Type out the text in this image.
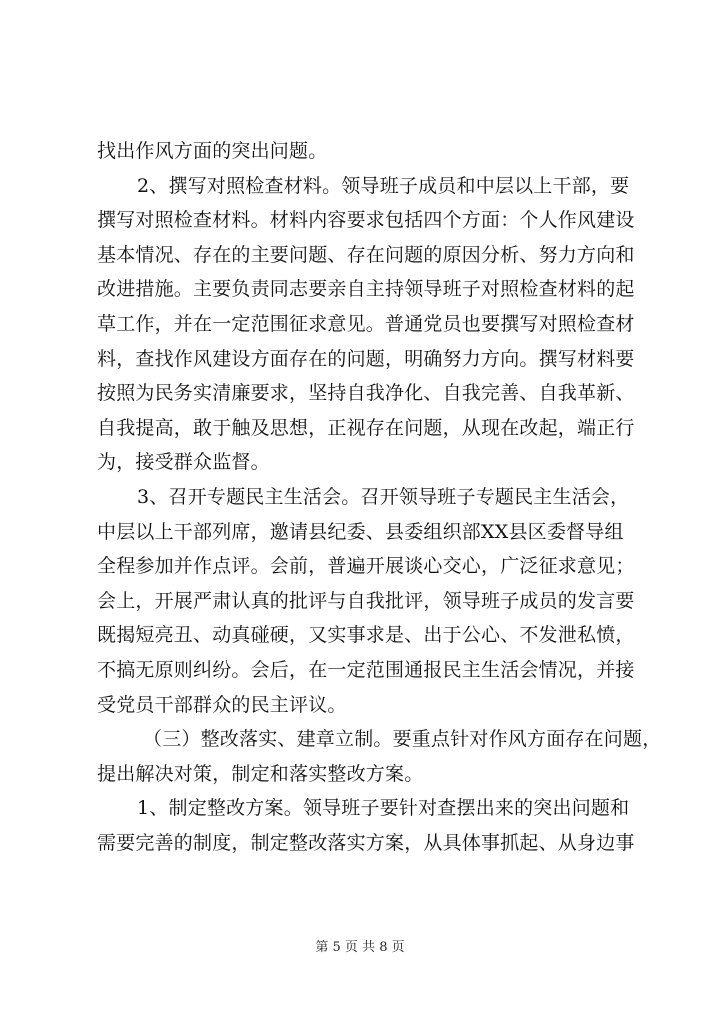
找出作风方面的突出问题。
2、撰写对照检查材料。领导班子成员和中层以上干部，要
撰写对照检查材料。材料内容要求包括四个方面：个人作风建设
基本情况、存在的主要问题、存在问题的原因分析、努力方向和
改进措施。主要负责同志要亲自主持领导班子对照检查材料的起
草工作，并在一定范围征求意见。普通党员也要撰写对照检查材
料，查找作风建设方面存在的问题，明确努力方向。撰写材料要
按照为民务实清廉要求，坚持自我净化、自我完善、自我革新、
自我提高，敢于触及思想，正视存在问题，从现在改起，端正行
为，接受群众监督。
3、召开专题民主生活会。召开领导班子专题民主生活会，
中层以上干部列席，邀请县纪委、县委组织部XX县区委督导组
全程参加并作点评。会前，普遍开展谈心交心，广泛征求意见；
会上，开展严肃认真的批评与自我批评，领导班子成员的发言要
既揭短亮丑、动真碰硬，又实事求是、出于公心、不发泄私愤，
不搞无原则纠纷。会后，在一定范围通报民主生活会情况，并接
受党员干部群众的民主评议。
（三）整改落实、建章立制。要重点针对作风方面存在问题，
提出解决对策，制定和落实整改方案。
1、制定整改方案。领导班子要针对查摆出来的突出问题和
需要完善的制度，制定整改落实方案，从具体事抓起、从身边事
第 5 页 共 8 页
